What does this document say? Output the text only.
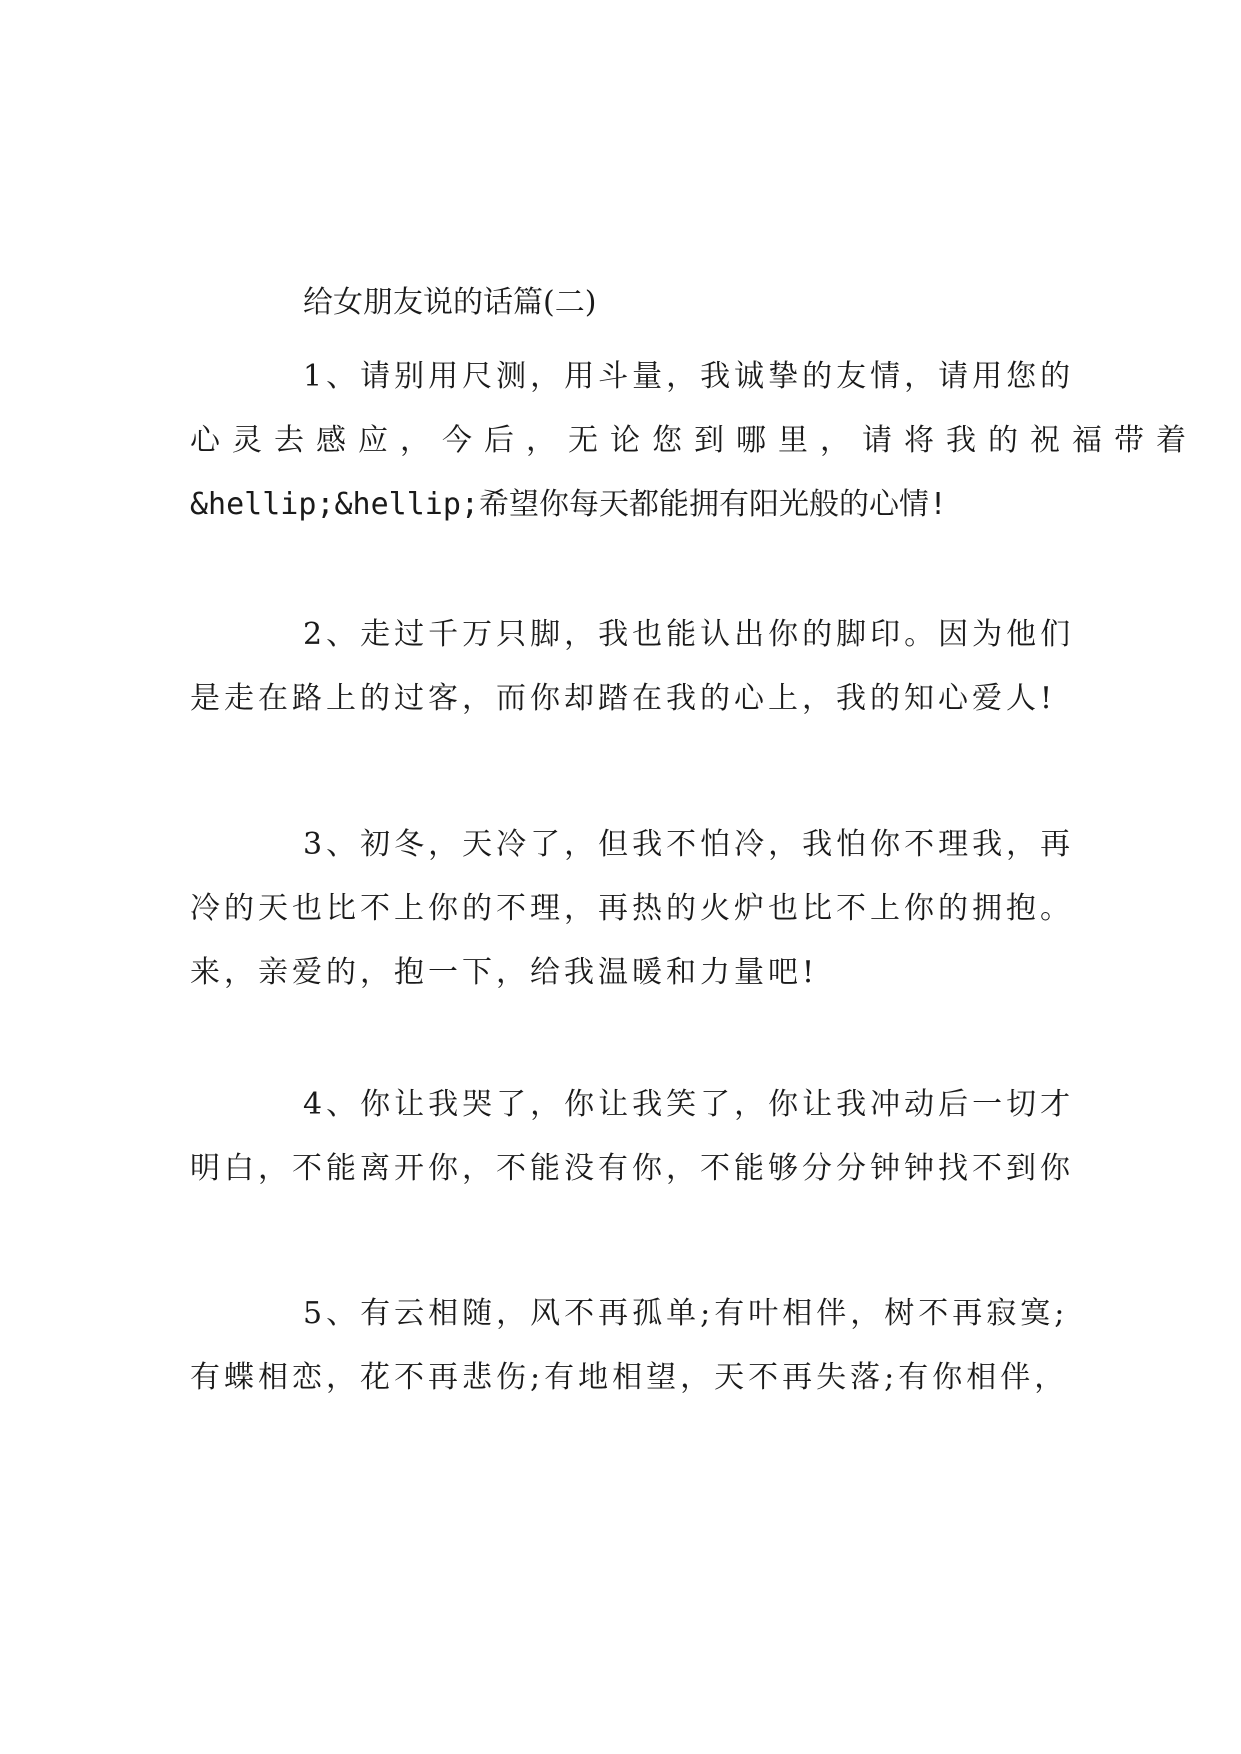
给女朋友说的话篇(二)
1、请别用尺测，用斗量，我诚挚的友情，请用您的
心灵去感应，今后，无论您到哪里，请将我的祝福带着
&hellip;&hellip;希望你每天都能拥有阳光般的心情!
2、走过千万只脚，我也能认出你的脚印。因为他们
是走在路上的过客，而你却踏在我的心上，我的知心爱人!
3、初冬，天冷了，但我不怕冷，我怕你不理我，再
冷的天也比不上你的不理，再热的火炉也比不上你的拥抱。
来，亲爱的，抱一下，给我温暖和力量吧!
4、你让我哭了，你让我笑了，你让我冲动后一切才
明白，不能离开你，不能没有你，不能够分分钟钟找不到你
5、有云相随，风不再孤单;有叶相伴，树不再寂寞;
有蝶相恋，花不再悲伤;有地相望，天不再失落;有你相伴，
